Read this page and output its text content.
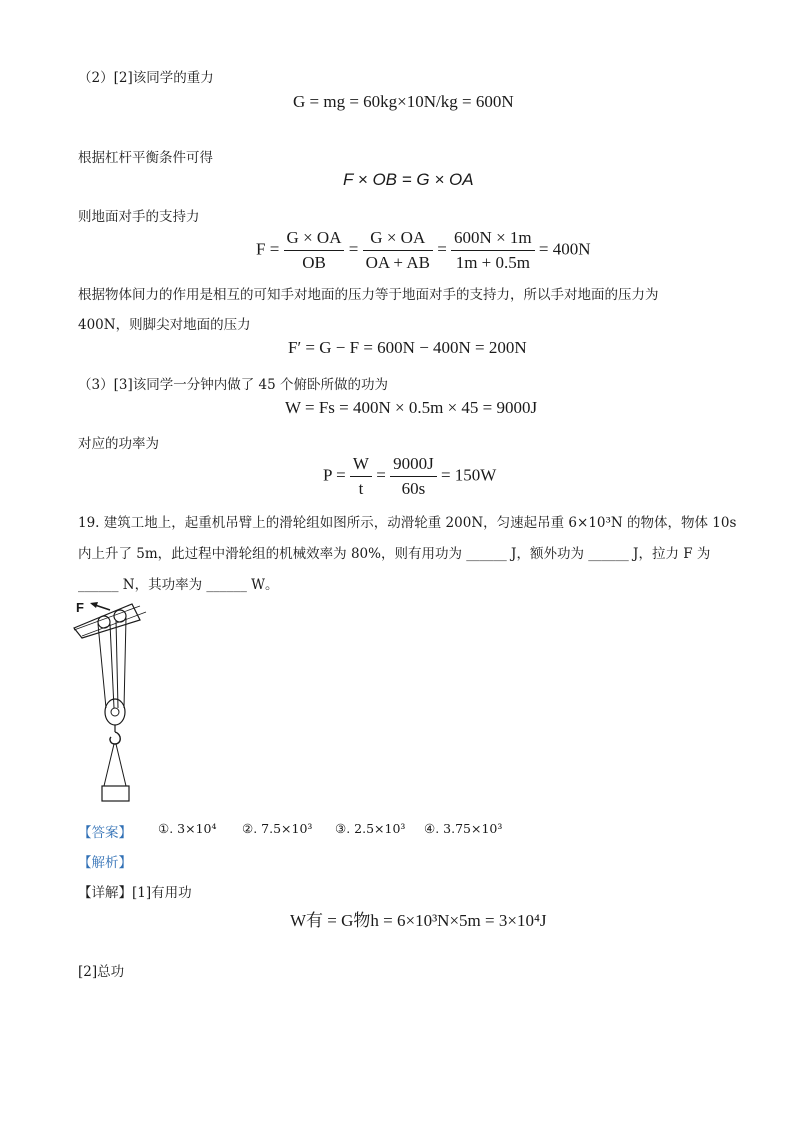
（2）[2]该同学的重力
G = mg = 60kg×10N/kg = 600N
根据杠杆平衡条件可得
F × OB = G × OA
则地面对手的支持力
$F = \frac{G \times OA}{OB} = \frac{G \times OA}{OA + AB} = \frac{600N \times 1m}{1m + 0.5m} = 400N$
根据物体间力的作用是相互的可知手对地面的压力等于地面对手的支持力，所以手对地面的压力为
400N，则脚尖对地面的压力
F′ = G − F = 600N − 400N = 200N
（3）[3]该同学一分钟内做了 45 个俯卧所做的功为
W = Fs = 400N × 0.5m × 45 = 9000J
对应的功率为
$P = \frac{W}{t} = \frac{9000J}{60s} = 150W$
19. 建筑工地上，起重机吊臂上的滑轮组如图所示，动滑轮重 200N，匀速起吊重 6×10³N 的物体，物体 10s
内上升了 5m，此过程中滑轮组的机械效率为 80%，则有用功为 ______ J，额外功为 ______ J，拉力 F 为
______ N，其功率为 ______ W。
F
【答案】 ①. 3×10⁴ ②. 7.5×10³ ③. 2.5×10³ ④. 3.75×10³
【解析】
【详解】[1]有用功
W有 = G物h = 6×10³N×5m = 3×10⁴J
[2]总功
